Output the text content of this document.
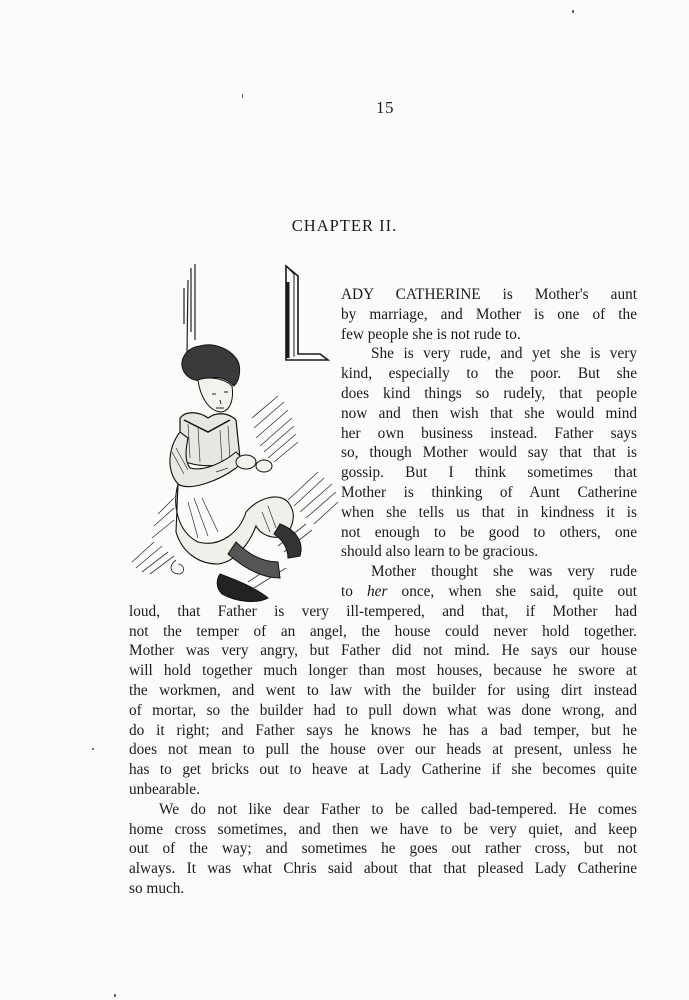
15
CHAPTER II.

ADY CATHERINE is Mother's aunt
by marriage, and Mother is one of the
few people she is not rude to.

She is very rude, and yet she is very
kind, especially to the poor. But she
does kind things so rudely, that people
now and then wish that she would mind
her own business instead. Father says
so, though Mother would say that that is
gossip. But I think sometimes that
Mother is thinking of Aunt Catherine
when she tells us that in kindness it is
not enough to be good to others, one
should also learn to be gracious.

Mother thought she was very rude
to her once, when she said, quite out
loud, that Father is very ill-tempered, and that, if Mother had
not the temper of an angel, the house could never hold together.
Mother was very angry, but Father did not mind. He says our house
will hold together much longer than most houses, because he swore at
the workmen, and went to law with the builder for using dirt instead
of mortar, so the builder had to pull down what was done wrong, and
do it right; and Father says he knows he has a bad temper, but he
does not mean to pull the house over our heads at present, unless he
has to get bricks out to heave at Lady Catherine if she becomes quite
unbearable.

We do not like dear Father to be called bad-tempered. He comes
home cross sometimes, and then we have to be very quiet, and keep
out of the way; and sometimes he goes out rather cross, but not
always. It was what Chris said about that that pleased Lady Catherine
so much.
